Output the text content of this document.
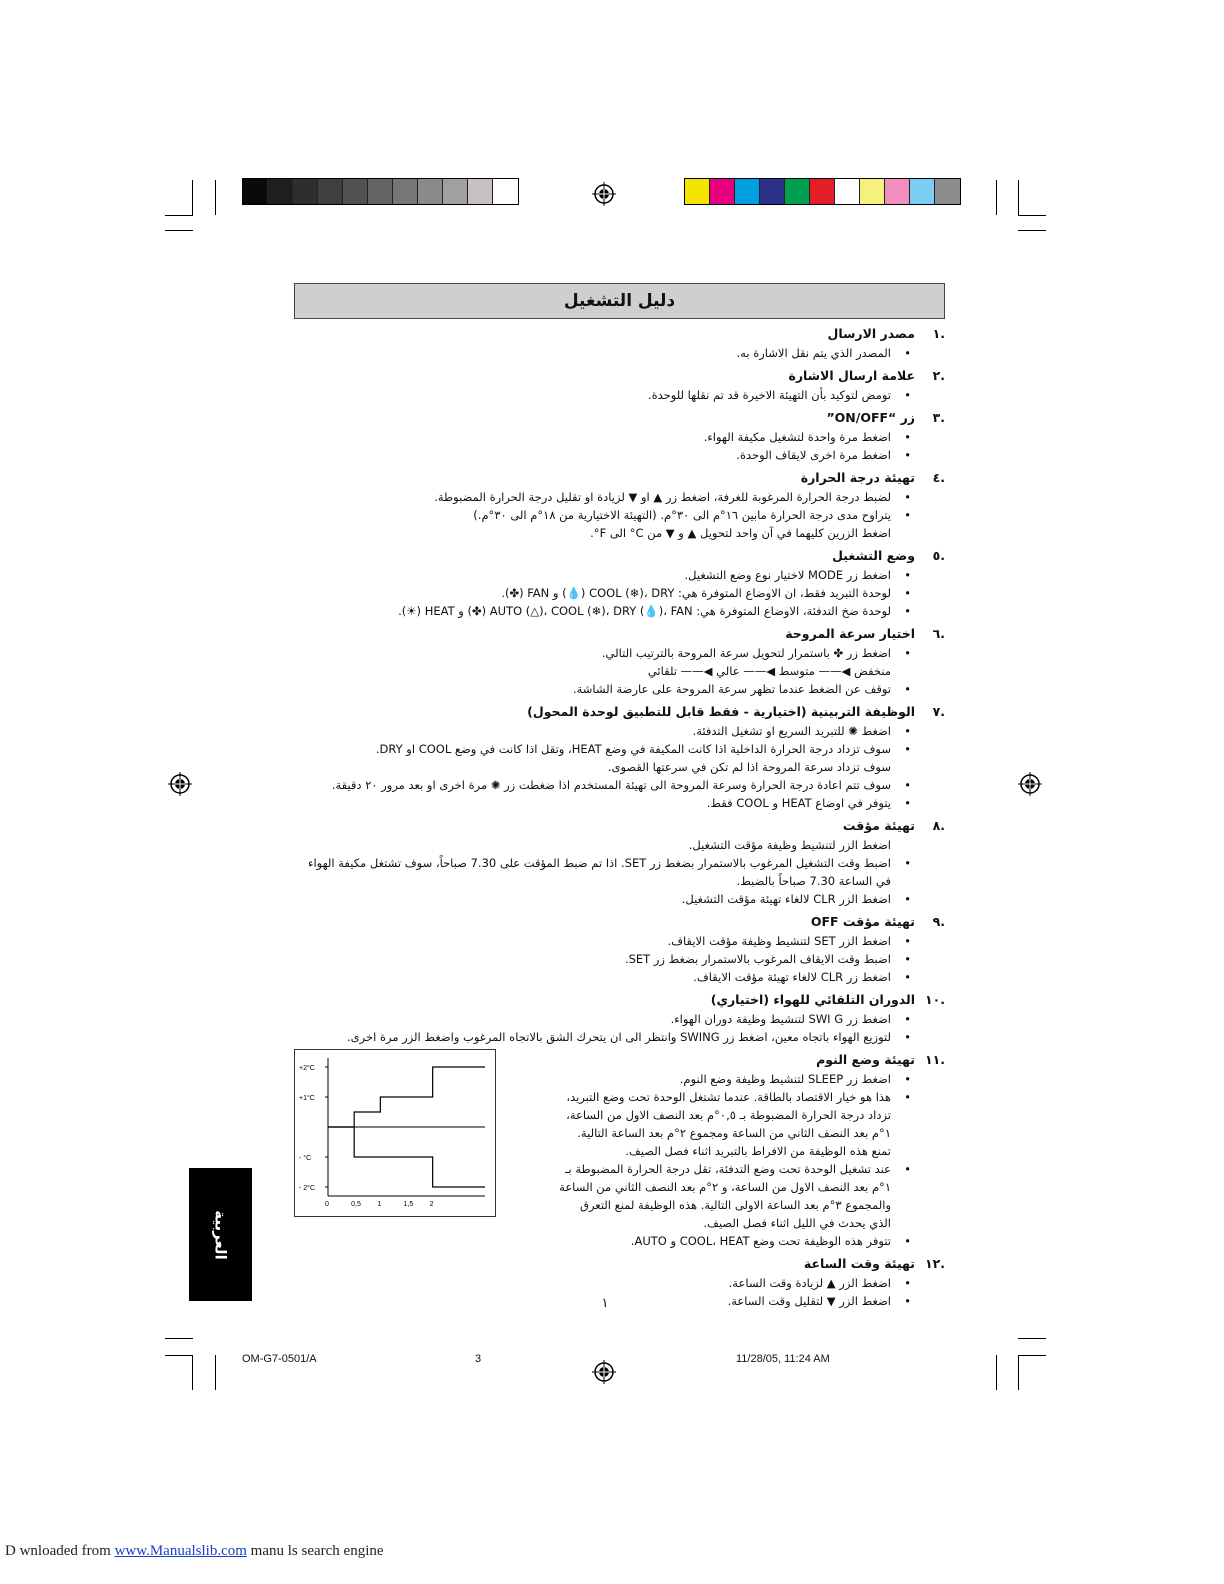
دليل التشغيل
.١
مصدر الارسال
• المصدر الذي يتم نقل الاشارة به.
.٢
علامة ارسال الاشارة
• تومض لتوكيد بأن التهيئة الاخيرة قد تم نقلها للوحدة.
.٣
زر “ON/OFF”
• اضغط مرة واحدة لتشغيل مكيفة الهواء.
• اضغط مرة اخرى لايقاف الوحدة.
.٤
تهيئة درجة الحرارة
• لضبط درجة الحرارة المرغوبة للغرفة، اضغط زر ▲ او ▼ لزيادة او تقليل درجة الحرارة المضبوطة.
• يتراوح مدى درجة الحرارة مابين ١٦°م الى ٣٠°م. (التهيئة الاختيارية من ١٨°م الى ٣٠°م.)
اضغط الزرين كليهما في آن واحد لتحويل ▲ و ▼ من C° الى F°.
.٥
وضع التشغيل
• اضغط زر MODE لاختيار نوع وضع التشغيل.
• لوحدة التبريد فقط، ان الاوضاع المتوفرة هي: COOL (❄)، DRY (💧) و FAN (✤).
• لوحدة ضخ التدفئة، الاوضاع المتوفرة هي: AUTO (△)، COOL (❄)، DRY (💧)، FAN (✤) و HEAT (☀).
.٦
اختيار سرعة المروحة
• اضغط زر ✤ باستمرار لتحويل سرعة المروحة بالترتيب التالي.
منخفض ◀—— متوسط ◀—— عالي ◀—— تلقائي
• توقف عن الضغط عندما تظهر سرعة المروحة على عارضة الشاشة.
.٧
الوظيفة التربينية (اختيارية - فقط قابل للتطبيق لوحدة المحول)
• اضغط ✺ للتبريد السريع او تشغيل التدفئة.
• سوف تزداد درجة الحرارة الداخلية اذا كانت المكيفة في وضع HEAT، وتقل اذا كانت في وضع COOL او DRY.
سوف تزداد سرعة المروحة اذا لم تكن في سرعتها القصوى.
• سوف تتم اعادة درجة الحرارة وسرعة المروحة الى تهيئة المستخدم اذا ضغطت زر ✺ مرة اخرى او بعد مرور ٢٠ دقيقة.
• يتوفر في اوضاع HEAT و COOL فقط.
.٨
تهيئة مؤقت
اضغط الزر لتنشيط وظيفة مؤقت التشغيل.
• اضبط وقت التشغيل المرغوب بالاستمرار بضغط زر SET. اذا تم ضبط المؤقت على 7.30 صباحاً، سوف تشتغل مكيفة الهواء
في الساعة 7.30 صباحاً بالضبط.
• اضغط الزر CLR لالغاء تهيئة مؤقت التشغيل.
.٩
تهيئة مؤقت OFF
• اضغط الزر SET لتنشيط وظيفة مؤقت الايقاف.
• اضبط وقت الايقاف المرغوب بالاستمرار بضغط زر SET.
• اضغط زر CLR لالغاء تهيئة مؤقت الايقاف.
.١٠
الدوران التلقائي للهواء (اختياري)
• اضغط زر SWI G لتنشيط وظيفة دوران الهواء.
• لتوزيع الهواء باتجاه معين، اضغط زر SWING وانتظر الى ان يتحرك الشق بالاتجاه المرغوب واضغط الزر مرة اخرى.
.١١
تهيئة وضع النوم
• اضغط زر SLEEP لتنشيط وظيفة وضع النوم.
• هذا هو خيار الاقتصاد بالطاقة. عندما تشتغل الوحدة تحت وضع التبريد، تزداد درجة الحرارة المضبوطة بـ ٠,٥°م بعد النصف الاول من الساعة، ١°م بعد النصف الثاني من الساعة ومجموع ٢°م بعد الساعة التالية. تمنع هذه الوظيفة من الافراط بالتبريد اثناء فصل الصيف.
• عند تشغيل الوحدة تحت وضع التدفئة، تقل درجة الحرارة المضبوطة بـ ١°م بعد النصف الاول من الساعة، و ٢°م بعد النصف الثاني من الساعة والمجموع ٣°م بعد الساعة الاولى التالية. هذه الوظيفة لمنع التعرق الذي يحدث في الليل اثناء فصل الصيف.
• تتوفر هذه الوظيفة تحت وضع COOL، HEAT و AUTO.
.١٢
تهيئة وقت الساعة
• اضغط الزر ▲ لزيادة وقت الساعة.
• اضغط الزر ▼ لتقليل وقت الساعة.
+2°C
+1°C
- °C
- 2°C
0	0,5 1	1,5 2
العربية
١
OM-G7-0501/A	3	11/28/05, 11:24 AM
D wnloaded from www.Manualslib.com manu ls search engine
